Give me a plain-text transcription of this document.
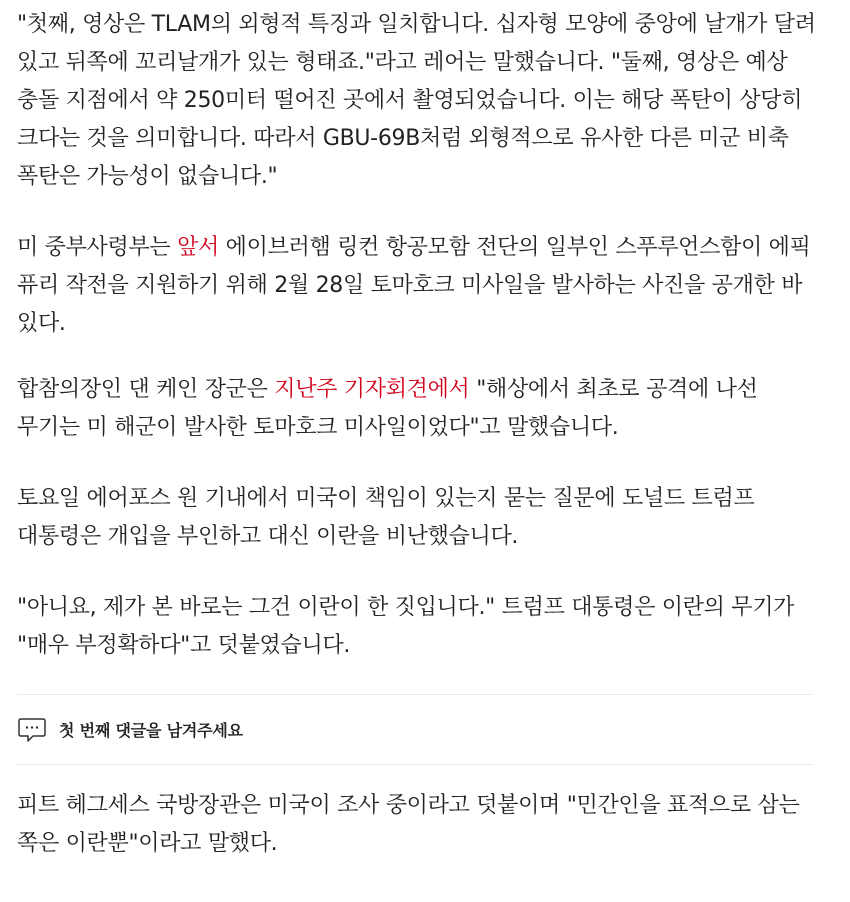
"첫째, 영상은 TLAM의 외형적 특징과 일치합니다. 십자형 모양에 중앙에 날개가 달려 있고 뒤쪽에 꼬리날개가 있는 형태죠."라고 레어는 말했습니다. "둘째, 영상은 예상 충돌 지점에서 약 250미터 떨어진 곳에서 촬영되었습니다. 이는 해당 폭탄이 상당히 크다는 것을 의미합니다. 따라서 GBU-69B처럼 외형적으로 유사한 다른 미군 비축 폭탄은 가능성이 없습니다."

미 중부사령부는 앞서 에이브러햄 링컨 항공모함 전단의 일부인 스푸루언스함이 에픽 퓨리 작전을 지원하기 위해 2월 28일 토마호크 미사일을 발사하는 사진을 공개한 바 있다.

합참의장인 댄 케인 장군은 지난주 기자회견에서 "해상에서 최초로 공격에 나선 무기는 미 해군이 발사한 토마호크 미사일이었다"고 말했습니다.

토요일 에어포스 원 기내에서 미국이 책임이 있는지 묻는 질문에 도널드 트럼프 대통령은 개입을 부인하고 대신 이란을 비난했습니다.

"아니요, 제가 본 바로는 그건 이란이 한 짓입니다." 트럼프 대통령은 이란의 무기가 "매우 부정확하다"고 덧붙였습니다.

피트 헤그세스 국방장관은 미국이 조사 중이라고 덧붙이며 "민간인을 표적으로 삼는 쪽은 이란뿐"이라고 말했다.

첫 번째 댓글을 남겨주세요
